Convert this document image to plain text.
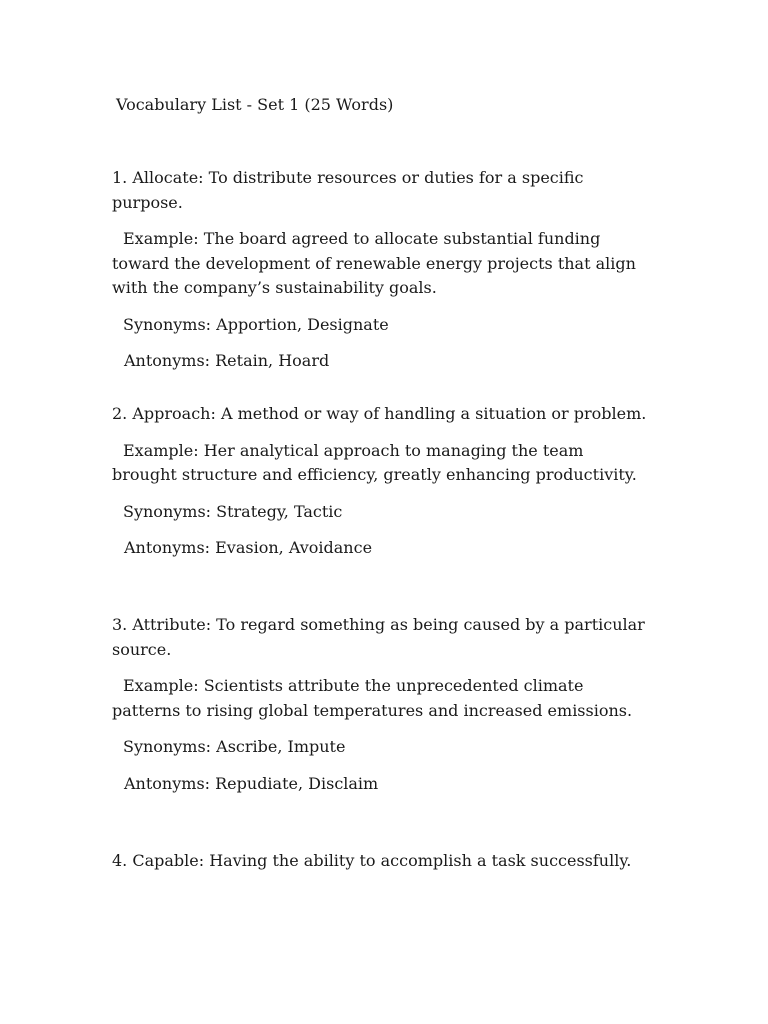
Vocabulary List - Set 1 (25 Words)

1. Allocate: To distribute resources or duties for a specific purpose.

Example: The board agreed to allocate substantial funding toward the development of renewable energy projects that align with the company’s sustainability goals.

Synonyms: Apportion, Designate

Antonyms: Retain, Hoard

2. Approach: A method or way of handling a situation or problem.

Example: Her analytical approach to managing the team brought structure and efficiency, greatly enhancing productivity.

Synonyms: Strategy, Tactic

Antonyms: Evasion, Avoidance

3. Attribute: To regard something as being caused by a particular source.

Example: Scientists attribute the unprecedented climate patterns to rising global temperatures and increased emissions.

Synonyms: Ascribe, Impute

Antonyms: Repudiate, Disclaim

4. Capable: Having the ability to accomplish a task successfully.
